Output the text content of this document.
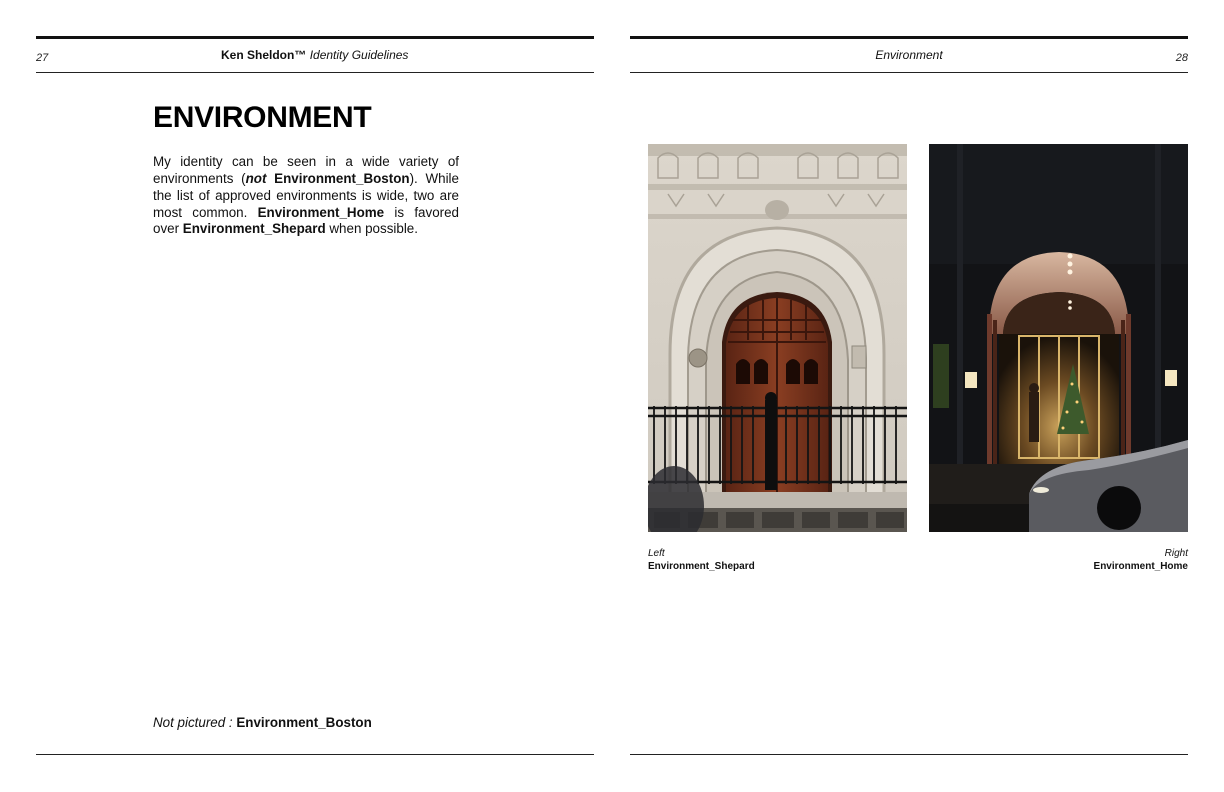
27	Ken Sheldon™ Identity Guidelines
ENVIRONMENT

My identity can be seen in a wide variety of environments (not Environment_Boston). While the list of approved environments is wide, two are most common. Environment_Home is favored over Environment_Shepard when possible.

Not pictured : Environment_Boston
Environment	28
Left
Environment_Shepard
Right
Environment_Home
